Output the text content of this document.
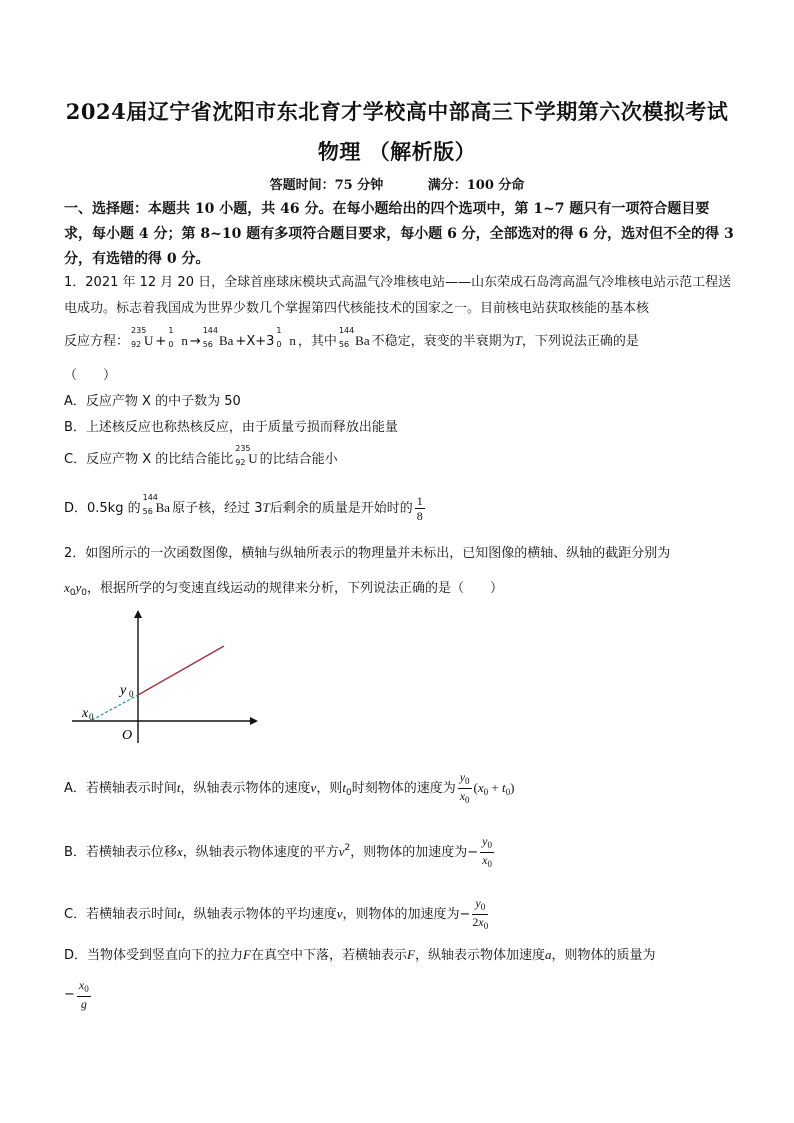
2024届辽宁省沈阳市东北育才学校高中部高三下学期第六次模拟考试
物理 （解析版）
答题时间：75 分钟	满分：100 分命
一、选择题：本题共 10 小题，共 46 分。在每小题给出的四个选项中，第 1~7 题只有一项符合题目要求，每小题 4 分；第 8~10 题有多项符合题目要求，每小题 6 分，全部选对的得 6 分，选对但不全的得 3 分，有选错的得 0 分。
1．2021 年 12 月 20 日，全球首座球床模块式高温气冷堆核电站——山东荣成石岛湾高温气冷堆核电站示范工程送电成功。标志着我国成为世界少数几个掌握第四代核能技术的国家之一。目前核电站获取核能的基本核
反应方程：
235
92 U +
1
0 n →
144
56 Ba +X+3
1
0 n ，其中
144
56 Ba 不稳定，衰变的半衰期为T，下列说法正确的是
（　　）
A．反应产物 X 的中子数为 50
B．上述核反应也称热核反应，由于质量亏损而释放出能量
C．反应产物 X 的比结合能比
235
92 U 的比结合能小
D．0.5kg 的
144
56 Ba 原子核，经过 3T后剩余的质量是开始时的 $\frac{1}{8}$
2．如图所示的一次函数图像，横轴与纵轴所表示的物理量并未标出，已知图像的横轴、纵轴的截距分别为
$x_0y_0$，根据所学的匀变速直线运动的规律来分析，下列说法正确的是（　　）
y 0
x 0
O
A．若横轴表示时间t，纵轴表示物体的速度v，则$t_0$时刻物体的速度为 $\frac{y_0}{x_0} (x_0 + t_0)$
B．若横轴表示位移x，纵轴表示物体速度的平方$v^2$，则物体的加速度为− $\frac{y_0}{x_0}$
C．若横轴表示时间t，纵轴表示物体的平均速度v，则物体的加速度为− $\frac{y_0}{2x_0}$
D．当物体受到竖直向下的拉力F在真空中下落，若横轴表示F，纵轴表示物体加速度a，则物体的质量为
− $\frac{x_0}{g}$
